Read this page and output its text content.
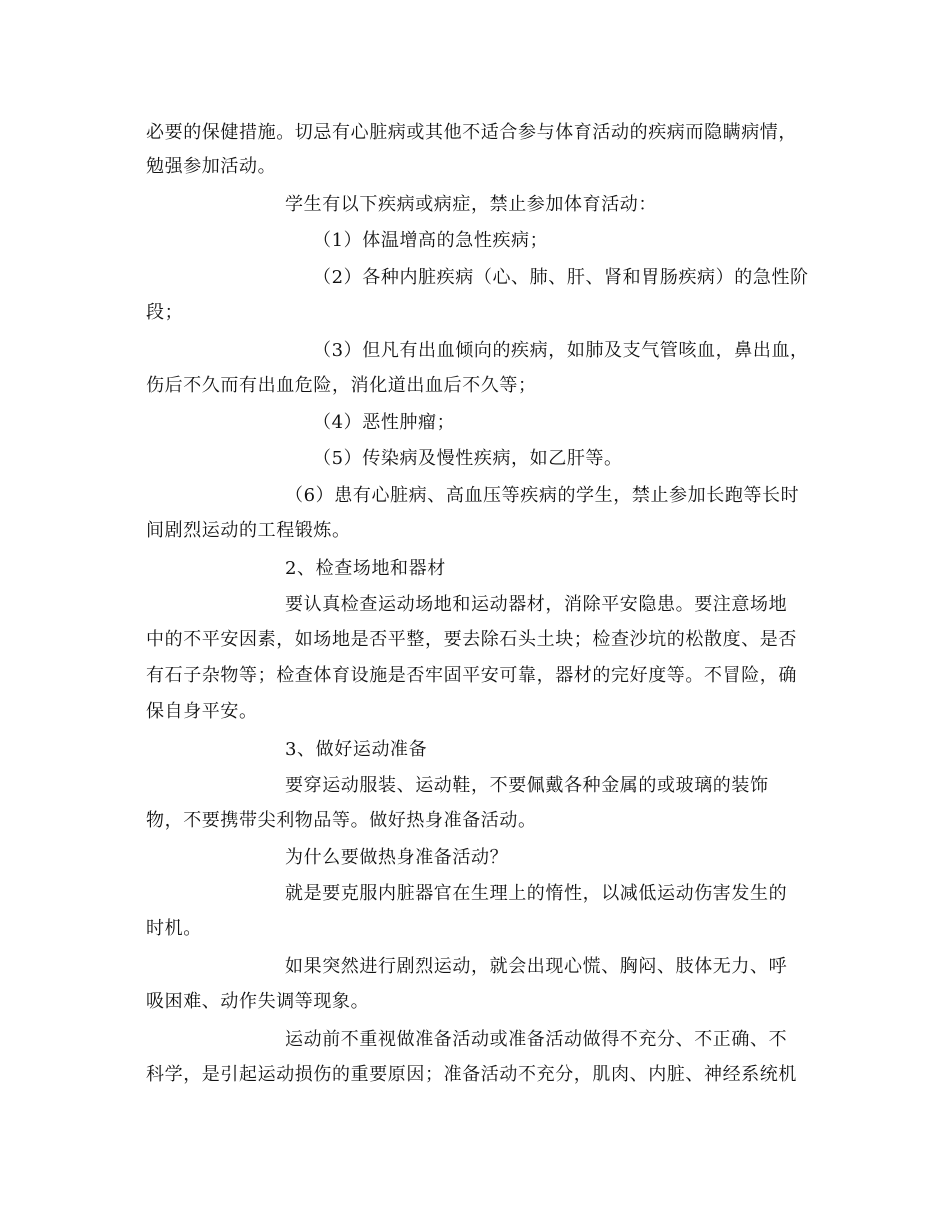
必要的保健措施。切忌有心脏病或其他不适合参与体育活动的疾病而隐瞒病情，
勉强参加活动。
学生有以下疾病或病症，禁止参加体育活动：
（1）体温增高的急性疾病；
（2）各种内脏疾病（心、肺、肝、肾和胃肠疾病）的急性阶
段；
（3）但凡有出血倾向的疾病，如肺及支气管咳血，鼻出血，
伤后不久而有出血危险，消化道出血后不久等；
（4）恶性肿瘤；
（5）传染病及慢性疾病，如乙肝等。
（6）患有心脏病、高血压等疾病的学生，禁止参加长跑等长时
间剧烈运动的工程锻炼。
2、检查场地和器材
要认真检查运动场地和运动器材，消除平安隐患。要注意场地
中的不平安因素，如场地是否平整，要去除石头土块；检查沙坑的松散度、是否
有石子杂物等；检查体育设施是否牢固平安可靠，器材的完好度等。不冒险，确
保自身平安。
3、做好运动准备
要穿运动服装、运动鞋，不要佩戴各种金属的或玻璃的装饰
物，不要携带尖利物品等。做好热身准备活动。
为什么要做热身准备活动？
就是要克服内脏器官在生理上的惰性，以减低运动伤害发生的
时机。
如果突然进行剧烈运动，就会出现心慌、胸闷、肢体无力、呼
吸困难、动作失调等现象。
运动前不重视做准备活动或准备活动做得不充分、不正确、不
科学，是引起运动损伤的重要原因；准备活动不充分，肌肉、内脏、神经系统机
